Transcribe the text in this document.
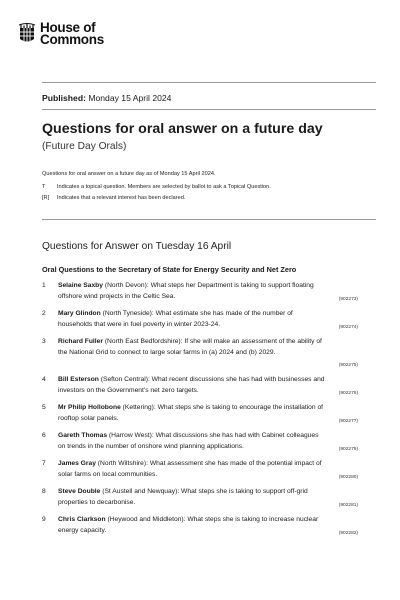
House of
Commons
Published: Monday 15 April 2024
Questions for oral answer on a future day
(Future Day Orals)
Questions for oral answer on a future day as of Monday 15 April 2024.
T	Indicates a topical question. Members are selected by ballot to ask a Topical Question.
[R]	Indicates that a relevant interest has been declared.
Questions for Answer on Tuesday 16 April
Oral Questions to the Secretary of State for Energy Security and Net Zero
1 Selaine Saxby (North Devon): What steps her Department is taking to support floating offshore wind projects in the Celtic Sea.	(902273)
2 Mary Glindon (North Tyneside): What estimate she has made of the number of households that were in fuel poverty in winter 2023-24.	(902274)
3 Richard Fuller (North East Bedfordshire): If she will make an assessment of the ability of the National Grid to connect to large solar farms in (a) 2024 and (b) 2029.
(902275)
4 Bill Esterson (Sefton Central): What recent discussions she has had with businesses and investors on the Government’s net zero targets.	(902276)
5 Mr Philip Hollobone (Kettering): What steps she is taking to encourage the installation of rooftop solar panels.	(902277)
6 Gareth Thomas (Harrow West): What discussions she has had with Cabinet colleagues on trends in the number of onshore wind planning applications.	(902279)
7 James Gray (North Wiltshire): What assessment she has made of the potential impact of solar farms on local communities.	(902280)
8 Steve Double (St Austell and Newquay): What steps she is taking to support off-grid properties to decarbonise.	(902281)
9 Chris Clarkson (Heywood and Middleton): What steps she is taking to increase nuclear energy capacity.	(902282)
